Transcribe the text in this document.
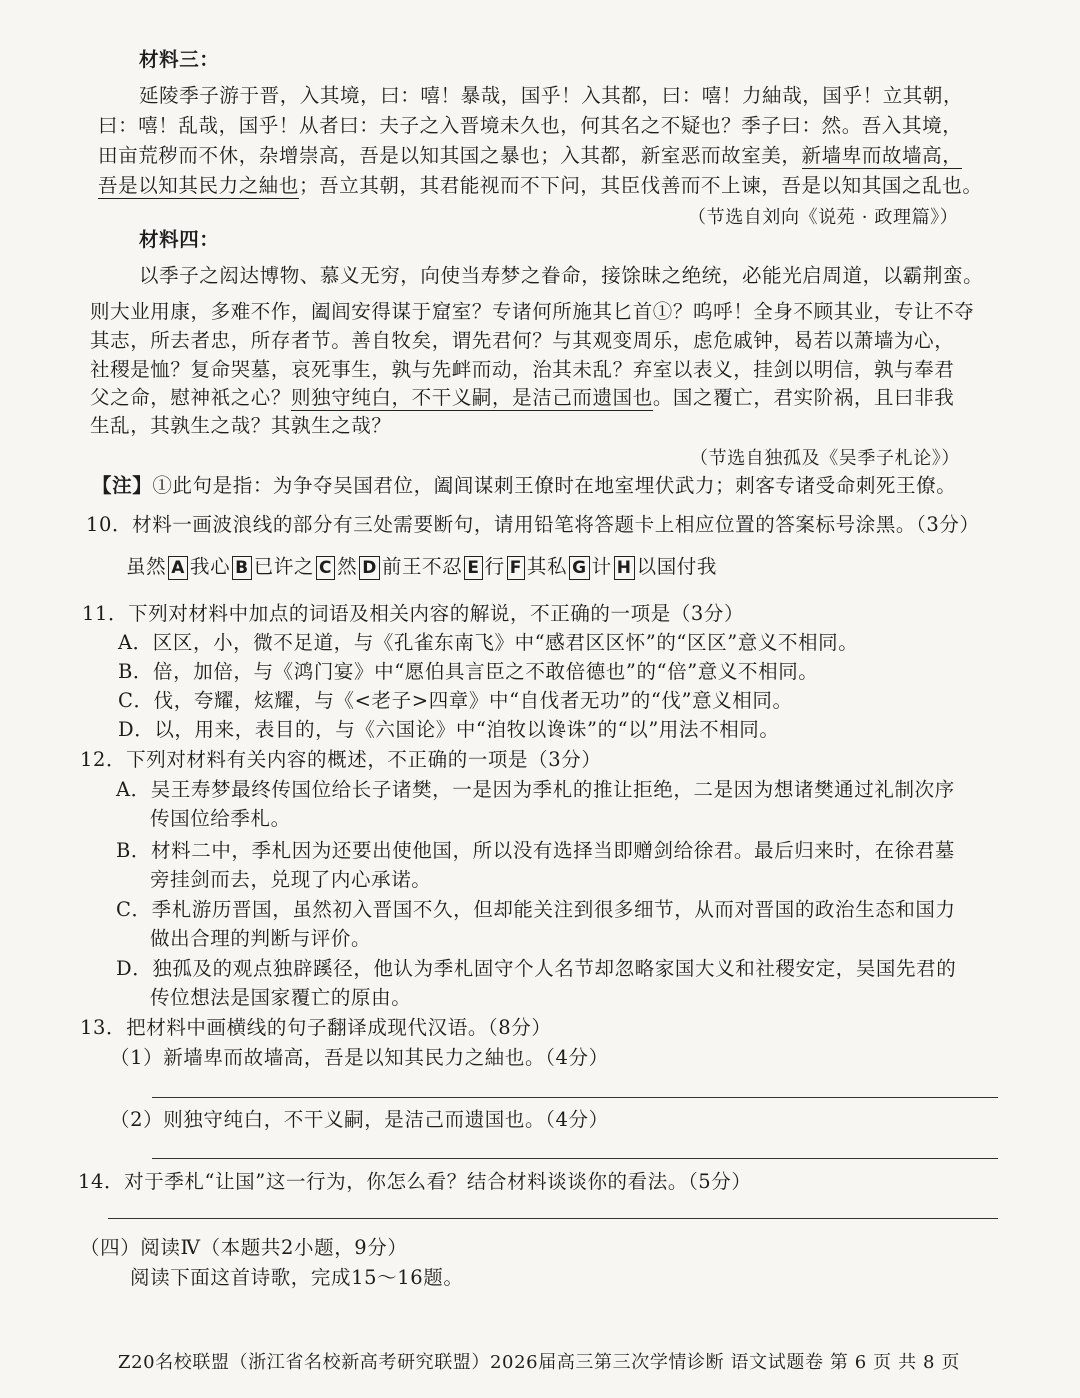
材料三：
延陵季子游于晋，入其境，曰：嘻！暴哉，国乎！入其都，曰：嘻！力紬哉，国乎！立其朝，
曰：嘻！乱哉，国乎！从者曰：夫子之入晋境未久也，何其名之不疑也？季子曰：然。吾入其境，
田亩荒秽而不休，杂增崇高，吾是以知其国之暴也；入其都，新室恶而故室美，新墙卑而故墙高，
吾是以知其民力之紬也；吾立其朝，其君能视而不下问，其臣伐善而不上谏，吾是以知其国之乱也。
（节选自刘向《说苑 · 政理篇》）
材料四：
以季子之闳达博物、慕义无穷，向使当寿梦之眷命，接馀昧之绝统，必能光启周道，以霸荆蛮。
则大业用康，多难不作，阖闾安得谋于窟室？专诸何所施其匕首①？呜呼！全身不顾其业，专让不夺
其志，所去者忠，所存者节。善自牧矣，谓先君何？与其观变周乐，虑危戚钟，曷若以萧墙为心，
社稷是恤？复命哭墓，哀死事生，孰与先衅而动，治其未乱？弃室以表义，挂剑以明信，孰与奉君
父之命，慰神祇之心？则独守纯白，不干义嗣，是洁己而遗国也。国之覆亡，君实阶祸，且曰非我
生乱，其孰生之哉？其孰生之哉？
（节选自独孤及《吴季子札论》）
【注】①此句是指：为争夺吴国君位，阖闾谋刺王僚时在地室埋伏武力；刺客专诸受命刺死王僚。
10．材料一画波浪线的部分有三处需要断句，请用铅笔将答题卡上相应位置的答案标号涂黑。（3分）
虽然 A 我心 B 已许之 C 然 D 前王不忍 E 行 F 其私 G 计 H 以国付我
11．下列对材料中加点的词语及相关内容的解说，不正确的一项是（3分）
A．区区，小，微不足道，与《孔雀东南飞》中“感君区区怀”的“区区”意义不相同。
B．倍，加倍，与《鸿门宴》中“愿伯具言臣之不敢倍德也”的“倍”意义不相同。
C．伐，夸耀，炫耀，与《<老子>四章》中“自伐者无功”的“伐”意义相同。
D．以，用来，表目的，与《六国论》中“洎牧以谗诛”的“以”用法不相同。
12．下列对材料有关内容的概述，不正确的一项是（3分）
A．吴王寿梦最终传国位给长子诸樊，一是因为季札的推让拒绝，二是因为想诸樊通过礼制次序
传国位给季札。
B．材料二中，季札因为还要出使他国，所以没有选择当即赠剑给徐君。最后归来时，在徐君墓
旁挂剑而去，兑现了内心承诺。
C．季札游历晋国，虽然初入晋国不久，但却能关注到很多细节，从而对晋国的政治生态和国力
做出合理的判断与评价。
D．独孤及的观点独辟蹊径，他认为季札固守个人名节却忽略家国大义和社稷安定，吴国先君的
传位想法是国家覆亡的原由。
13．把材料中画横线的句子翻译成现代汉语。（8分）
（1）新墙卑而故墙高，吾是以知其民力之紬也。（4分）
（2）则独守纯白，不干义嗣，是洁己而遗国也。（4分）
14．对于季札“让国”这一行为，你怎么看？结合材料谈谈你的看法。（5分）
（四）阅读Ⅳ（本题共2小题，9分）
阅读下面这首诗歌，完成15～16题。
Z20名校联盟（浙江省名校新高考研究联盟）2026届高三第三次学情诊断 语文试题卷 第 6 页 共 8 页
